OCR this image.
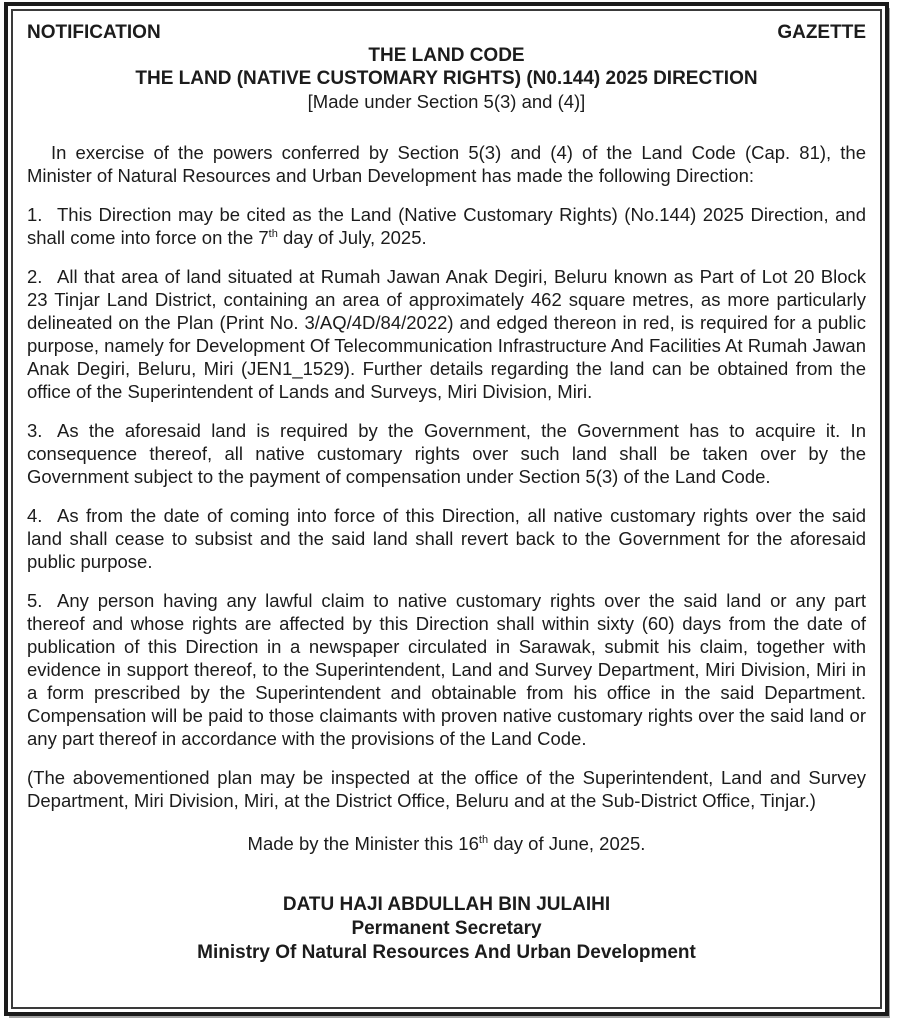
NOTIFICATION	GAZETTE
THE LAND CODE
THE LAND (NATIVE CUSTOMARY RIGHTS) (N0.144) 2025 DIRECTION
[Made under Section 5(3) and (4)]

In exercise of the powers conferred by Section 5(3) and (4) of the Land Code (Cap. 81), the Minister of Natural Resources and Urban Development has made the following Direction:

1. This Direction may be cited as the Land (Native Customary Rights) (No.144) 2025 Direction, and shall come into force on the 7th day of July, 2025.

2. All that area of land situated at Rumah Jawan Anak Degiri, Beluru known as Part of Lot 20 Block 23 Tinjar Land District, containing an area of approximately 462 square metres, as more particularly delineated on the Plan (Print No. 3/AQ/4D/84/2022) and edged thereon in red, is required for a public purpose, namely for Development Of Telecommunication Infrastructure And Facilities At Rumah Jawan Anak Degiri, Beluru, Miri (JEN1_1529). Further details regarding the land can be obtained from the office of the Superintendent of Lands and Surveys, Miri Division, Miri.

3. As the aforesaid land is required by the Government, the Government has to acquire it. In consequence thereof, all native customary rights over such land shall be taken over by the Government subject to the payment of compensation under Section 5(3) of the Land Code.

4. As from the date of coming into force of this Direction, all native customary rights over the said land shall cease to subsist and the said land shall revert back to the Government for the aforesaid public purpose.

5. Any person having any lawful claim to native customary rights over the said land or any part thereof and whose rights are affected by this Direction shall within sixty (60) days from the date of publication of this Direction in a newspaper circulated in Sarawak, submit his claim, together with evidence in support thereof, to the Superintendent, Land and Survey Department, Miri Division, Miri in a form prescribed by the Superintendent and obtainable from his office in the said Department. Compensation will be paid to those claimants with proven native customary rights over the said land or any part thereof in accordance with the provisions of the Land Code.

(The abovementioned plan may be inspected at the office of the Superintendent, Land and Survey Department, Miri Division, Miri, at the District Office, Beluru and at the Sub-District Office, Tinjar.)

Made by the Minister this 16th day of June, 2025.

DATU HAJI ABDULLAH BIN JULAIHI
Permanent Secretary
Ministry Of Natural Resources And Urban Development
